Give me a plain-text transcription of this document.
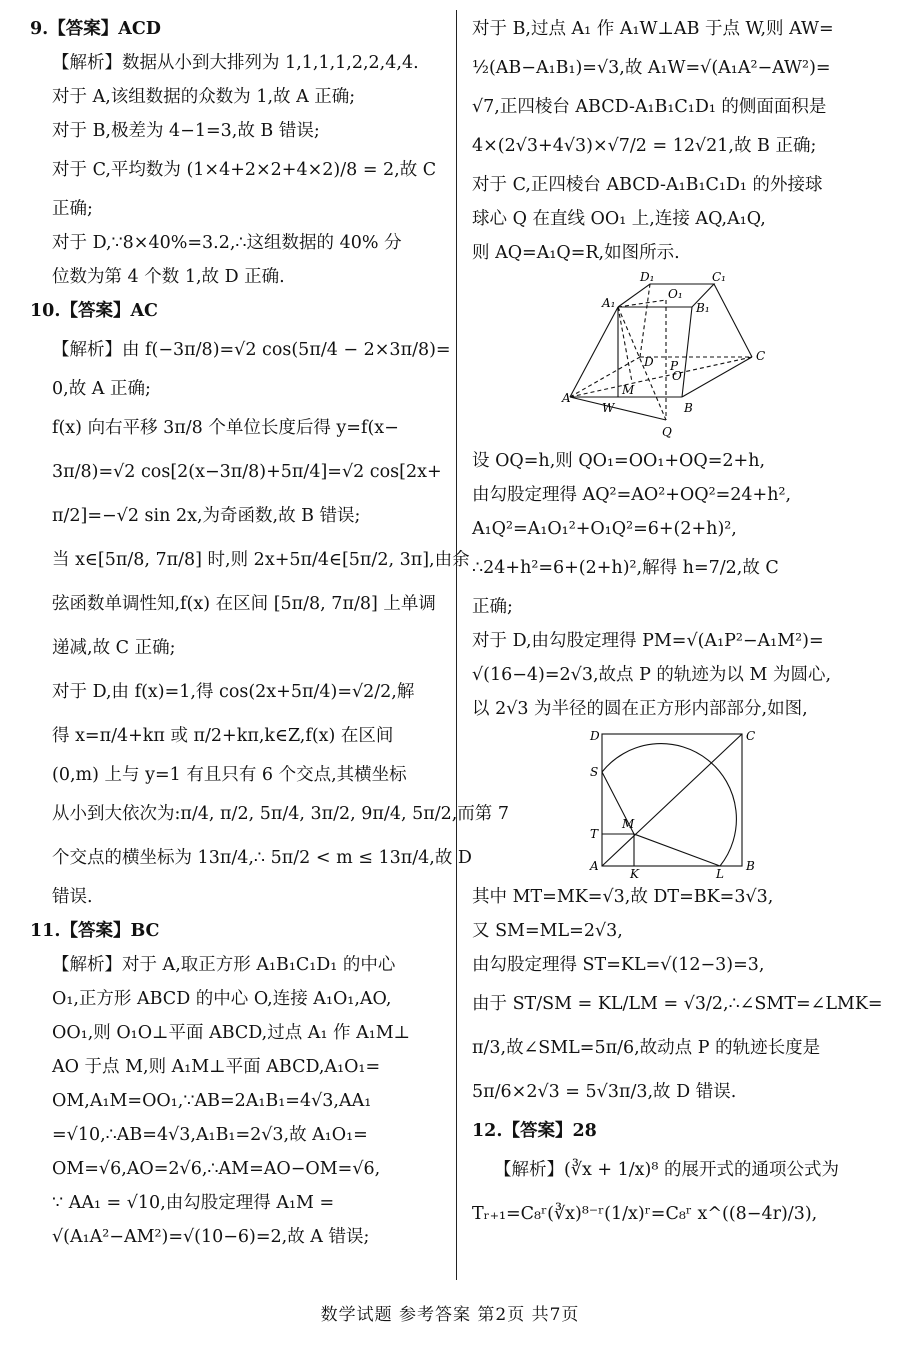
9.【答案】ACD
【解析】数据从小到大排列为 1,1,1,1,2,2,4,4.
对于 A,该组数据的众数为 1,故 A 正确;
对于 B,极差为 4−1=3,故 B 错误;
对于 C,平均数为 (1×4+2×2+4×2)/8 = 2,故 C
正确;
对于 D,∵8×40%=3.2,∴这组数据的 40% 分
位数为第 4 个数 1,故 D 正确.
10.【答案】AC
【解析】由 f(−3π/8)=√2 cos(5π/4 − 2×3π/8)=
0,故 A 正确;
f(x) 向右平移 3π/8 个单位长度后得 y=f(x−
3π/8)=√2 cos[2(x−3π/8)+5π/4]=√2 cos[2x+
π/2]=−√2 sin 2x,为奇函数,故 B 错误;
当 x∈[5π/8, 7π/8] 时,则 2x+5π/4∈[5π/2, 3π],由余
弦函数单调性知,f(x) 在区间 [5π/8, 7π/8] 上单调
递减,故 C 正确;
对于 D,由 f(x)=1,得 cos(2x+5π/4)=√2/2,解
得 x=π/4+kπ 或 π/2+kπ,k∈Z,f(x) 在区间
(0,m) 上与 y=1 有且只有 6 个交点,其横坐标
从小到大依次为:π/4, π/2, 5π/4, 3π/2, 9π/4, 5π/2,而第 7
个交点的横坐标为 13π/4,∴ 5π/2 < m ≤ 13π/4,故 D
错误.
11.【答案】BC
【解析】对于 A,取正方形 A₁B₁C₁D₁ 的中心
O₁,正方形 ABCD 的中心 O,连接 A₁O₁,AO,
OO₁,则 O₁O⊥平面 ABCD,过点 A₁ 作 A₁M⊥
AO 于点 M,则 A₁M⊥平面 ABCD,A₁O₁=
OM,A₁M=OO₁,∵AB=2A₁B₁=4√3,AA₁
=√10,∴AB=4√3,A₁B₁=2√3,故 A₁O₁=
OM=√6,AO=2√6,∴AM=AO−OM=√6,
∵ AA₁ = √10,由勾股定理得 A₁M =
√(A₁A²−AM²)=√(10−6)=2,故 A 错误;
对于 B,过点 A₁ 作 A₁W⊥AB 于点 W,则 AW=
½(AB−A₁B₁)=√3,故 A₁W=√(A₁A²−AW²)=
√7,正四棱台 ABCD-A₁B₁C₁D₁ 的侧面面积是
4×(2√3+4√3)×√7/2 = 12√21,故 B 正确;
对于 C,正四棱台 ABCD-A₁B₁C₁D₁ 的外接球
球心 Q 在直线 OO₁ 上,连接 AQ,A₁Q,
则 AQ=A₁Q=R,如图所示.
D₁	C₁
A₁
O₁
B₁
D	C
P
O
M
A
W	B
Q
设 OQ=h,则 QO₁=OO₁+OQ=2+h,
由勾股定理得 AQ²=AO²+OQ²=24+h²,
A₁Q²=A₁O₁²+O₁Q²=6+(2+h)²,
∴24+h²=6+(2+h)²,解得 h=7/2,故 C
正确;
对于 D,由勾股定理得 PM=√(A₁P²−A₁M²)=
√(16−4)=2√3,故点 P 的轨迹为以 M 为圆心,
以 2√3 为半径的圆在正方形内部部分,如图,
D	C
S
M
T
A
K	L
B
其中 MT=MK=√3,故 DT=BK=3√3,
又 SM=ML=2√3,
由勾股定理得 ST=KL=√(12−3)=3,
由于 ST/SM = KL/LM = √3/2,∴∠SMT=∠LMK=
π/3,故∠SML=5π/6,故动点 P 的轨迹长度是
5π/6×2√3 = 5√3π/3,故 D 错误.
12.【答案】28
【解析】(∛x + 1/x)⁸ 的展开式的通项公式为
Tᵣ₊₁=C₈ʳ(∛x)⁸⁻ʳ(1/x)ʳ=C₈ʳ x^((8−4r)/3),
数学试题 参考答案 第2页 共7页
